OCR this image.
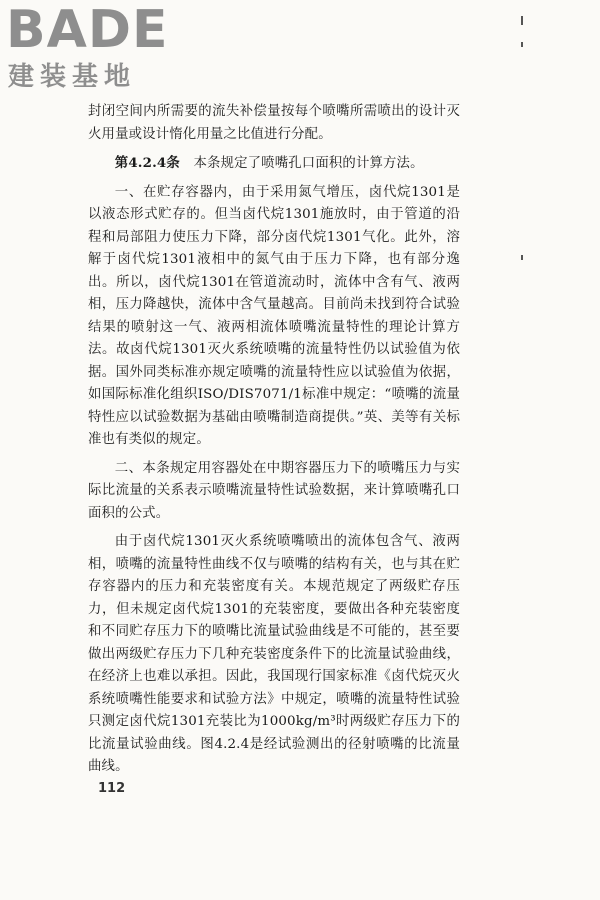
BADE
建装基地

封闭空间内所需要的流失补偿量按每个喷嘴所需喷出的设计灭火用量或设计惰化用量之比值进行分配。

第4.2.4条　 本条规定了喷嘴孔口面积的计算方法。

一、在贮存容器内，由于采用氮气增压，卤代烷1301是以液态形式贮存的。但当卤代烷1301施放时，由于管道的沿程和局部阻力使压力下降，部分卤代烷1301气化。此外，溶解于卤代烷1301液相中的氮气由于压力下降，也有部分逸出。所以，卤代烷1301在管道流动时，流体中含有气、液两相，压力降越快，流体中含气量越高。目前尚未找到符合试验结果的喷射这一气、液两相流体喷嘴流量特性的理论计算方法。故卤代烷1301灭火系统喷嘴的流量特性仍以试验值为依据。国外同类标准亦规定喷嘴的流量特性应以试验值为依据，如国际标准化组织ISO/DIS7071/1标准中规定：“喷嘴的流量特性应以试验数据为基础由喷嘴制造商提供。”英、美等有关标准也有类似的规定。

二、本条规定用容器处在中期容器压力下的喷嘴压力与实际比流量的关系表示喷嘴流量特性试验数据，来计算喷嘴孔口面积的公式。

由于卤代烷1301灭火系统喷嘴喷出的流体包含气、液两相，喷嘴的流量特性曲线不仅与喷嘴的结构有关，也与其在贮存容器内的压力和充装密度有关。本规范规定了两级贮存压力，但未规定卤代烷1301的充装密度，要做出各种充装密度和不同贮存压力下的喷嘴比流量试验曲线是不可能的，甚至要做出两级贮存压力下几种充装密度条件下的比流量试验曲线，在经济上也难以承担。因此，我国现行国家标准《卤代烷灭火系统喷嘴性能要求和试验方法》中规定，喷嘴的流量特性试验只测定卤代烷1301充装比为1000kg/m³时两级贮存压力下的比流量试验曲线。图4.2.4是经试验测出的径射喷嘴的比流量曲线。

112
